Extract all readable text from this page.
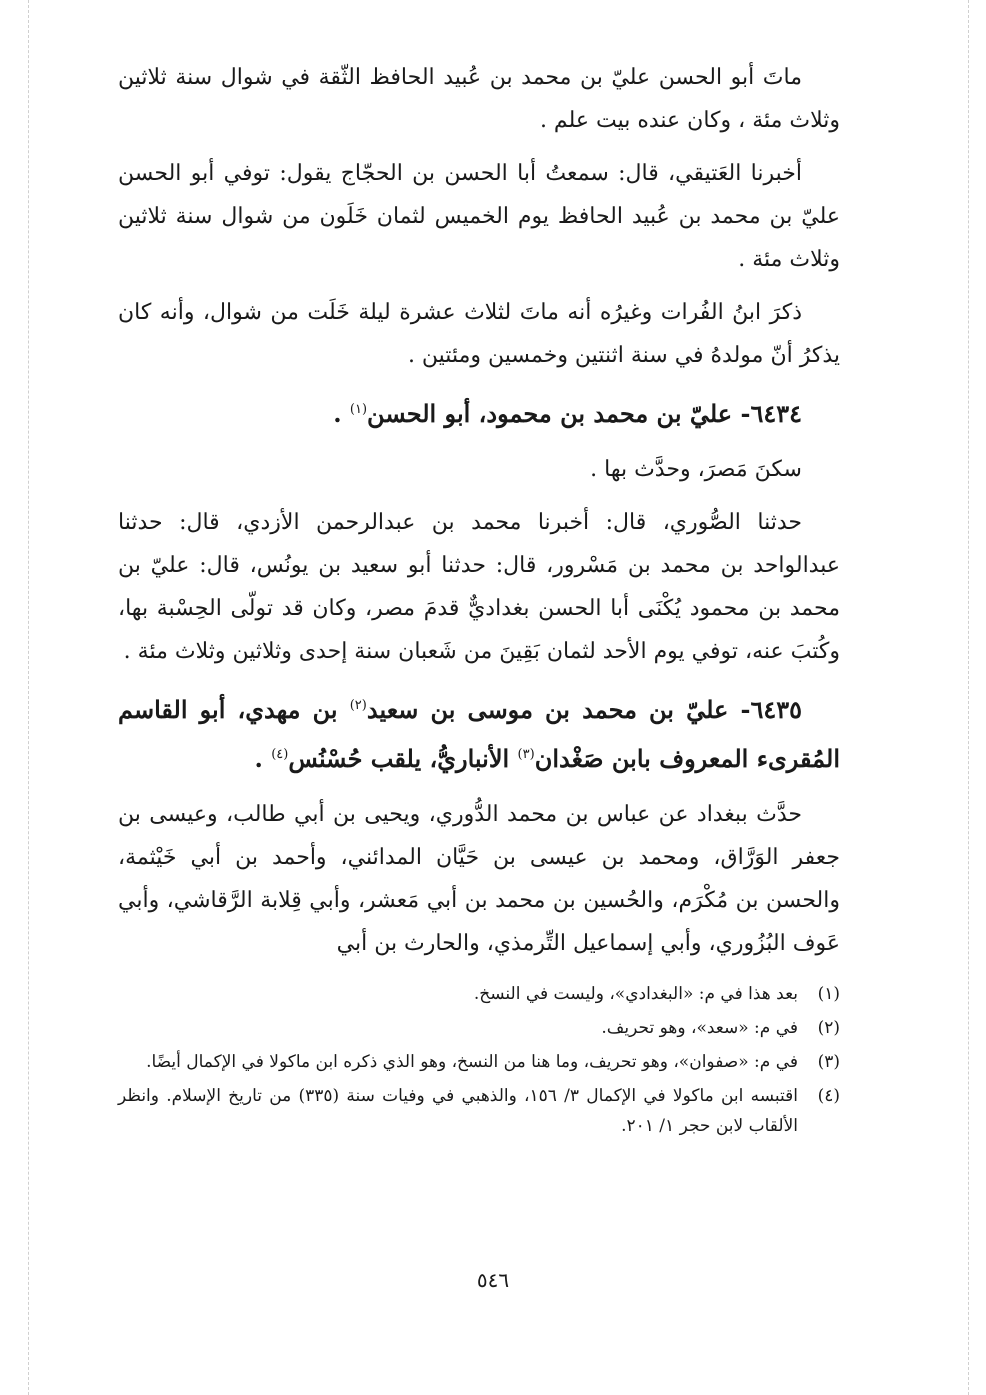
ماتَ أبو الحسن عليّ بن محمد بن عُبيد الحافظ الثّقة في شوال سنة ثلاثين وثلاث مئة ، وكان عنده بيت علم .

أخبرنا العَتيقي، قال: سمعتُ أبا الحسن بن الحجّاج يقول: توفي أبو الحسن عليّ بن محمد بن عُبيد الحافظ يوم الخميس لثمان خَلَون من شوال سنة ثلاثين وثلاث مئة .

ذكرَ ابنُ الفُرات وغيرُه أنه ماتَ لثلاث عشرة ليلة خَلَت من شوال، وأنه كان يذكرُ أنّ مولدهُ في سنة اثنتين وخمسين ومئتين .

٦٤٣٤- عليّ بن محمد بن محمود، أبو الحسن$^{(١)}$ .

سكنَ مَصرَ، وحدَّث بها .

حدثنا الصُّوري، قال: أخبرنا محمد بن عبدالرحمن الأزدي، قال: حدثنا عبدالواحد بن محمد بن مَسْرور، قال: حدثنا أبو سعيد بن يونُس، قال: عليّ بن محمد بن محمود يُكْنَى أبا الحسن بغداديٌّ قدمَ مصر، وكان قد تولّى الحِسْبة بها، وكُتبَ عنه، توفي يوم الأحد لثمان بَقِينَ من شَعبان سنة إحدى وثلاثين وثلاث مئة .

٦٤٣٥- عليّ بن محمد بن موسى بن سعيد$^{(٢)}$ بن مهدي، أبو القاسم المُقرىء المعروف بابن صَغْدان$^{(٣)}$ الأنباريُّ، يلقب حُسْنُس$^{(٤)}$ .

حدَّث ببغداد عن عباس بن محمد الدُّوري، ويحيى بن أبي طالب، وعيسى بن جعفر الوَرَّاق، ومحمد بن عيسى بن حَيَّان المدائني، وأحمد بن أبي خَيْثمة، والحسن بن مُكْرَم، والحُسين بن محمد بن أبي مَعشر، وأبي قِلابة الرَّقاشي، وأبي عَوف البُزُوري، وأبي إسماعيل التِّرمذي، والحارث بن أبي

(١)
بعد هذا في م: «البغدادي»، وليست في النسخ.
(٢)
في م: «سعد»، وهو تحريف.
(٣)
في م: «صفوان»، وهو تحريف، وما هنا من النسخ، وهو الذي ذكره ابن ماكولا في الإكمال أيضًا.
(٤)
اقتبسه ابن ماكولا في الإكمال ٣/ ١٥٦، والذهبي في وفيات سنة (٣٣٥) من تاريخ الإسلام. وانظر الألقاب لابن حجر ١/ ٢٠١.
٥٤٦
